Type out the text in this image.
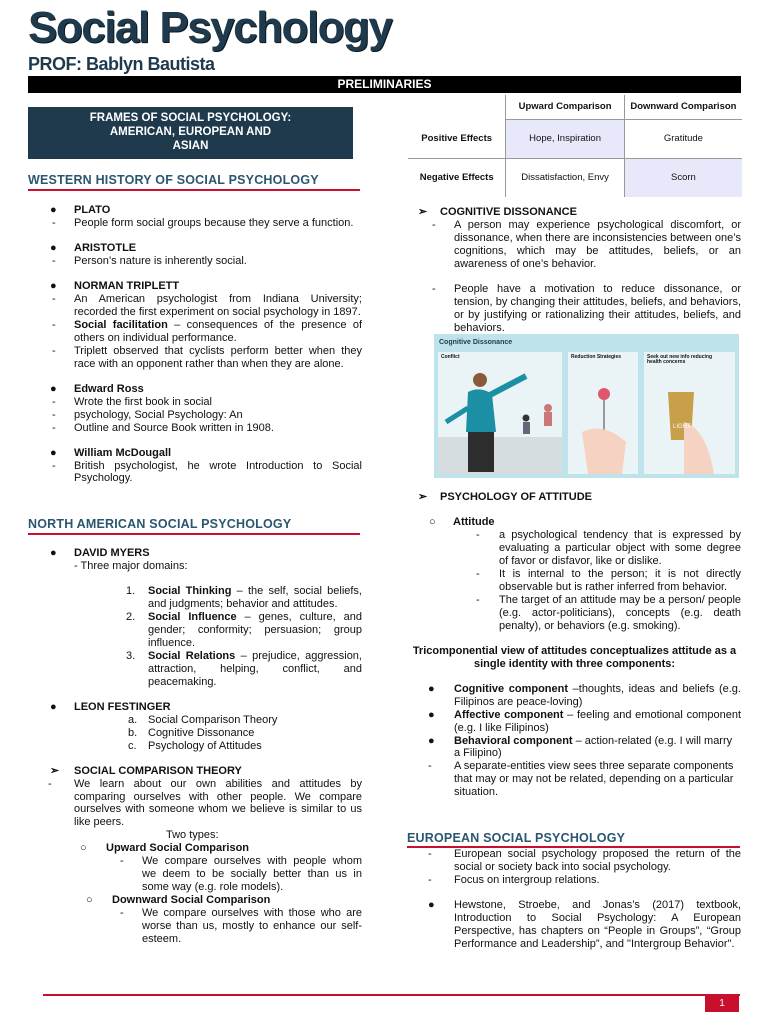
Social Psychology
PROF: Bablyn Bautista
PRELIMINARIES
FRAMES OF SOCIAL PSYCHOLOGY:
AMERICAN, EUROPEAN AND
ASIAN
	Upward Comparison	Downward Comparison
Positive Effects	Hope, Inspiration	Gratitude
Negative Effects	Dissatisfaction, Envy	Scorn
WESTERN HISTORY OF SOCIAL PSYCHOLOGY
● PLATO
- People form social groups because they serve a function.
● ARISTOTLE
- Person’s nature is inherently social.
● NORMAN TRIPLETT
- An American psychologist from Indiana University; recorded the first experiment on social psychology in 1897.
- Social facilitation – consequences of the presence of others on individual performance.
- Triplett observed that cyclists perform better when they race with an opponent rather than when they are alone.
● Edward Ross
- Wrote the first book in social
- psychology, Social Psychology: An
- Outline and Source Book written in 1908.
● William McDougall
- British psychologist, he wrote Introduction to Social Psychology.
NORTH AMERICAN SOCIAL PSYCHOLOGY
● DAVID MYERS
- Three major domains:
1. Social Thinking – the self, social beliefs, and judgments; behavior and attitudes.
2. Social Influence – genes, culture, and gender; conformity; persuasion; group influence.
3. Social Relations – prejudice, aggression, attraction, helping, conflict, and peacemaking.
● LEON FESTINGER
a. Social Comparison Theory
b. Cognitive Dissonance
c. Psychology of Attitudes
➢ SOCIAL COMPARISON THEORY
- We learn about our own abilities and attitudes by comparing ourselves with other people. We compare ourselves with someone whom we believe is similar to us like peers.
Two types:
○ Upward Social Comparison
- We compare ourselves with people whom we deem to be socially better than us in some way (e.g. role models).
○ Downward Social Comparison
- We compare ourselves with those who are worse than us, mostly to enhance our self-esteem.
➢ COGNITIVE DISSONANCE
- A person may experience psychological discomfort, or dissonance, when there are inconsistencies between one’s cognitions, which may be attitudes, beliefs, or an awareness of one’s behavior.
- People have a motivation to reduce dissonance, or tension, by changing their attitudes, beliefs, and behaviors, or by justifying or rationalizing their attitudes, beliefs, and behaviors.
Cognitive Dissonance
Conflict	Reduction Strategies	Seek out new info reducing health concerns
LIGHT
➢ PSYCHOLOGY OF ATTITUDE
○ Attitude
- a psychological tendency that is expressed by evaluating a particular object with some degree of favor or disfavor, like or dislike.
- It is internal to the person; it is not directly observable but is rather inferred from behavior.
- The target of an attitude may be a person/ people (e.g. actor-politicians), concepts (e.g. death penalty), or behaviors (e.g. smoking).
Tricomponential view of attitudes conceptualizes attitude as a single identity with three components:
● Cognitive component –thoughts, ideas and beliefs (e.g. Filipinos are peace-loving)
● Affective component – feeling and emotional component (e.g. I like Filipinos)
● Behavioral component – action-related (e.g. I will marry a Filipino)
- A separate-entities view sees three separate components that may or may not be related, depending on a particular situation.
EUROPEAN SOCIAL PSYCHOLOGY
- European social psychology proposed the return of the social or society back into social psychology.
- Focus on intergroup relations.
● Hewstone, Stroebe, and Jonas’s (2017) textbook, Introduction to Social Psychology: A European Perspective, has chapters on “People in Groups”, “Group Performance and Leadership”, and "Intergroup Behavior".
1
